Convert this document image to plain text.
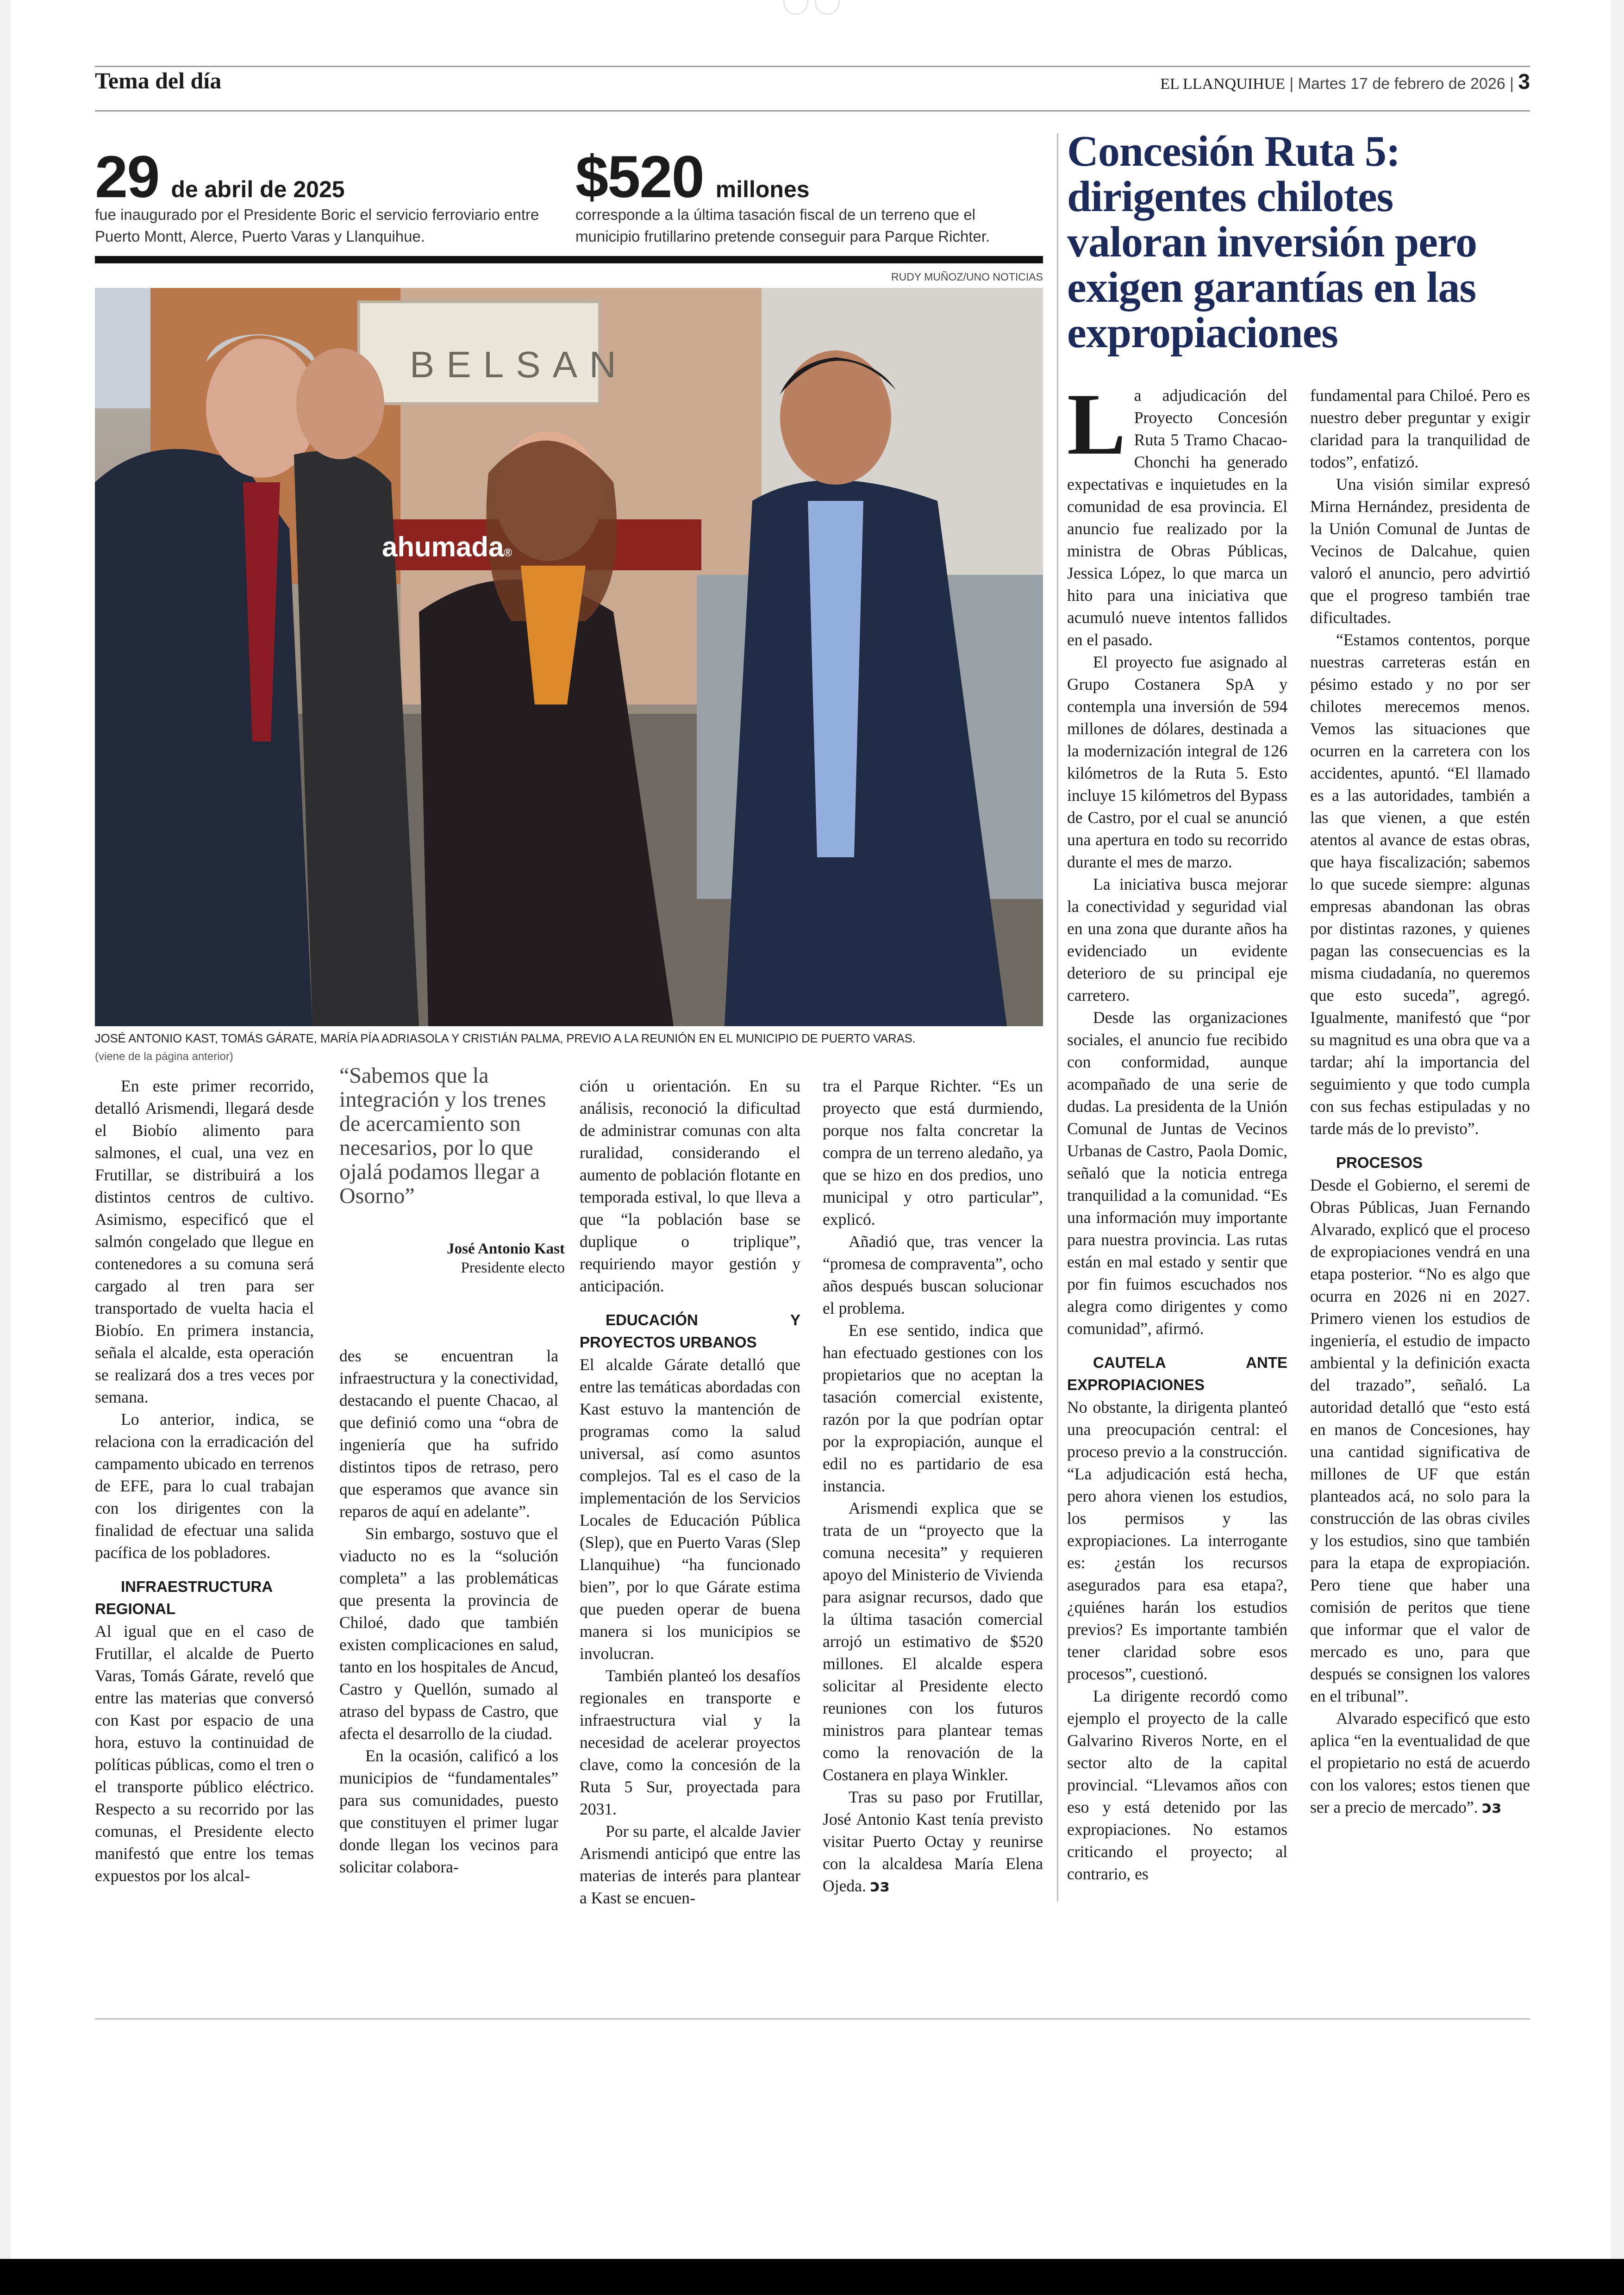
Tema del día	EL LLANQUIHUE | Martes 17 de febrero de 2026 | 3
29 de abril de 2025
fue inaugurado por el Presidente Boric el servicio ferroviario entre Puerto Montt, Alerce, Puerto Varas y Llanquihue.
$520 millones
corresponde a la última tasación fiscal de un terreno que el municipio frutillarino pretende conseguir para Parque Richter.
RUDY MUÑOZ/UNO NOTICIAS
BELSAN
ahumada®
JOSÉ ANTONIO KAST, TOMÁS GÁRATE, MARÍA PÍA ADRIASOLA Y CRISTIÁN PALMA, PREVIO A LA REUNIÓN EN EL MUNICIPIO DE PUERTO VARAS.
(viene de la página anterior)
Concesión Ruta 5: dirigentes chilotes valoran inversión pero exigen garantías en las expropiaciones
“Sabemos que la integración y los trenes de acercamiento son necesarios, por lo que ojalá podamos llegar a Osorno”
José Antonio Kast
Presidente electo

En este primer recorrido, detalló Arismendi, llegará desde el Biobío alimento para salmones, el cual, una vez en Frutillar, se distribuirá a los distintos centros de cultivo. Asimismo, especificó que el salmón congelado que llegue en contenedores a su comuna será cargado al tren para ser transportado de vuelta hacia el Biobío. En primera instancia, señala el alcalde, esta operación se realizará dos a tres veces por semana.

Lo anterior, indica, se relaciona con la erradicación del campamento ubicado en terrenos de EFE, para lo cual trabajan con los dirigentes con la finalidad de efectuar una salida pacífica de los pobladores.

INFRAESTRUCTURA REGIONAL

Al igual que en el caso de Frutillar, el alcalde de Puerto Varas, Tomás Gárate, reveló que entre las materias que conversó con Kast por espacio de una hora, estuvo la continuidad de políticas públicas, como el tren o el transporte público eléctrico. Respecto a su recorrido por las comunas, el Presidente electo manifestó que entre los temas expuestos por los alcal-

des se encuentran la infraestructura y la conectividad, destacando el puente Chacao, al que definió como una “obra de ingeniería que ha sufrido distintos tipos de retraso, pero que esperamos que avance sin reparos de aquí en adelante”.

Sin embargo, sostuvo que el viaducto no es la “solución completa” a las problemáticas que presenta la provincia de Chiloé, dado que también existen complicaciones en salud, tanto en los hospitales de Ancud, Castro y Quellón, sumado al atraso del bypass de Castro, que afecta el desarrollo de la ciudad.

En la ocasión, calificó a los municipios de “fundamentales” para sus comunidades, puesto que constituyen el primer lugar donde llegan los vecinos para solicitar colabora-

ción u orientación. En su análisis, reconoció la dificultad de administrar comunas con alta ruralidad, considerando el aumento de población flotante en temporada estival, lo que lleva a que “la población base se duplique o triplique”, requiriendo mayor gestión y anticipación.

EDUCACIÓN Y PROYECTOS URBANOS

El alcalde Gárate detalló que entre las temáticas abordadas con Kast estuvo la mantención de programas como la salud universal, así como asuntos complejos. Tal es el caso de la implementación de los Servicios Locales de Educación Pública (Slep), que en Puerto Varas (Slep Llanquihue) “ha funcionado bien”, por lo que Gárate estima que pueden operar de buena manera si los municipios se involucran.

También planteó los desafíos regionales en transporte e infraestructura vial y la necesidad de acelerar proyectos clave, como la concesión de la Ruta 5 Sur, proyectada para 2031.

Por su parte, el alcalde Javier Arismendi anticipó que entre las materias de interés para plantear a Kast se encuen-

tra el Parque Richter. “Es un proyecto que está durmiendo, porque nos falta concretar la compra de un terreno aledaño, ya que se hizo en dos predios, uno municipal y otro particular”, explicó.

Añadió que, tras vencer la “promesa de compraventa”, ocho años después buscan solucionar el problema.

En ese sentido, indica que han efectuado gestiones con los propietarios que no aceptan la tasación comercial existente, razón por la que podrían optar por la expropiación, aunque el edil no es partidario de esa instancia.

Arismendi explica que se trata de un “proyecto que la comuna necesita” y requieren apoyo del Ministerio de Vivienda para asignar recursos, dado que la última tasación comercial arrojó un estimativo de $520 millones. El alcalde espera solicitar al Presidente electo reuniones con los futuros ministros para plantear temas como la renovación de la Costanera en playa Winkler.

Tras su paso por Frutillar, José Antonio Kast tenía previsto visitar Puerto Octay y reunirse con la alcaldesa María Elena Ojeda. ↄз

La adjudicación del Proyecto Concesión Ruta 5 Tramo Chacao-Chonchi ha generado expectativas e inquietudes en la comunidad de esa provincia. El anuncio fue realizado por la ministra de Obras Públicas, Jessica López, lo que marca un hito para una iniciativa que acumuló nueve intentos fallidos en el pasado.

El proyecto fue asignado al Grupo Costanera SpA y contempla una inversión de 594 millones de dólares, destinada a la modernización integral de 126 kilómetros de la Ruta 5. Esto incluye 15 kilómetros del Bypass de Castro, por el cual se anunció una apertura en todo su recorrido durante el mes de marzo.

La iniciativa busca mejorar la conectividad y seguridad vial en una zona que durante años ha evidenciado un evidente deterioro de su principal eje carretero.

Desde las organizaciones sociales, el anuncio fue recibido con conformidad, aunque acompañado de una serie de dudas. La presidenta de la Unión Comunal de Juntas de Vecinos Urbanas de Castro, Paola Domic, señaló que la noticia entrega tranquilidad a la comunidad. “Es una información muy importante para nuestra provincia. Las rutas están en mal estado y sentir que por fin fuimos escuchados nos alegra como dirigentes y como comunidad”, afirmó.

CAUTELA ANTE EXPROPIACIONES

No obstante, la dirigenta planteó una preocupación central: el proceso previo a la construcción. “La adjudicación está hecha, pero ahora vienen los estudios, los permisos y las expropiaciones. La interrogante es: ¿están los recursos asegurados para esa etapa?, ¿quiénes harán los estudios previos? Es importante también tener claridad sobre esos procesos”, cuestionó.

La dirigente recordó como ejemplo el proyecto de la calle Galvarino Riveros Norte, en el sector alto de la capital provincial. “Llevamos años con eso y está detenido por las expropiaciones. No estamos criticando el proyecto; al contrario, es

fundamental para Chiloé. Pero es nuestro deber preguntar y exigir claridad para la tranquilidad de todos”, enfatizó.

Una visión similar expresó Mirna Hernández, presidenta de la Unión Comunal de Juntas de Vecinos de Dalcahue, quien valoró el anuncio, pero advirtió que el progreso también trae dificultades.

“Estamos contentos, porque nuestras carreteras están en pésimo estado y no por ser chilotes merecemos menos. Vemos las situaciones que ocurren en la carretera con los accidentes, apuntó. “El llamado es a las autoridades, también a las que vienen, a que estén atentos al avance de estas obras, que haya fiscalización; sabemos lo que sucede siempre: algunas empresas abandonan las obras por distintas razones, y quienes pagan las consecuencias es la misma ciudadanía, no queremos que esto suceda”, agregó. Igualmente, manifestó que “por su magnitud es una obra que va a tardar; ahí la importancia del seguimiento y que todo cumpla con sus fechas estipuladas y no tarde más de lo previsto”.

PROCESOS

Desde el Gobierno, el seremi de Obras Públicas, Juan Fernando Alvarado, explicó que el proceso de expropiaciones vendrá en una etapa posterior. “No es algo que ocurra en 2026 ni en 2027. Primero vienen los estudios de ingeniería, el estudio de impacto ambiental y la definición exacta del trazado”, señaló. La autoridad detalló que “esto está en manos de Concesiones, hay una cantidad significativa de millones de UF que están planteados acá, no solo para la construcción de las obras civiles y los estudios, sino que también para la etapa de expropiación. Pero tiene que haber una comisión de peritos que tiene que informar que el valor de mercado es uno, para que después se consignen los valores en el tribunal”.

Alvarado especificó que esto aplica “en la eventualidad de que el propietario no está de acuerdo con los valores; estos tienen que ser a precio de mercado”. ↄз
